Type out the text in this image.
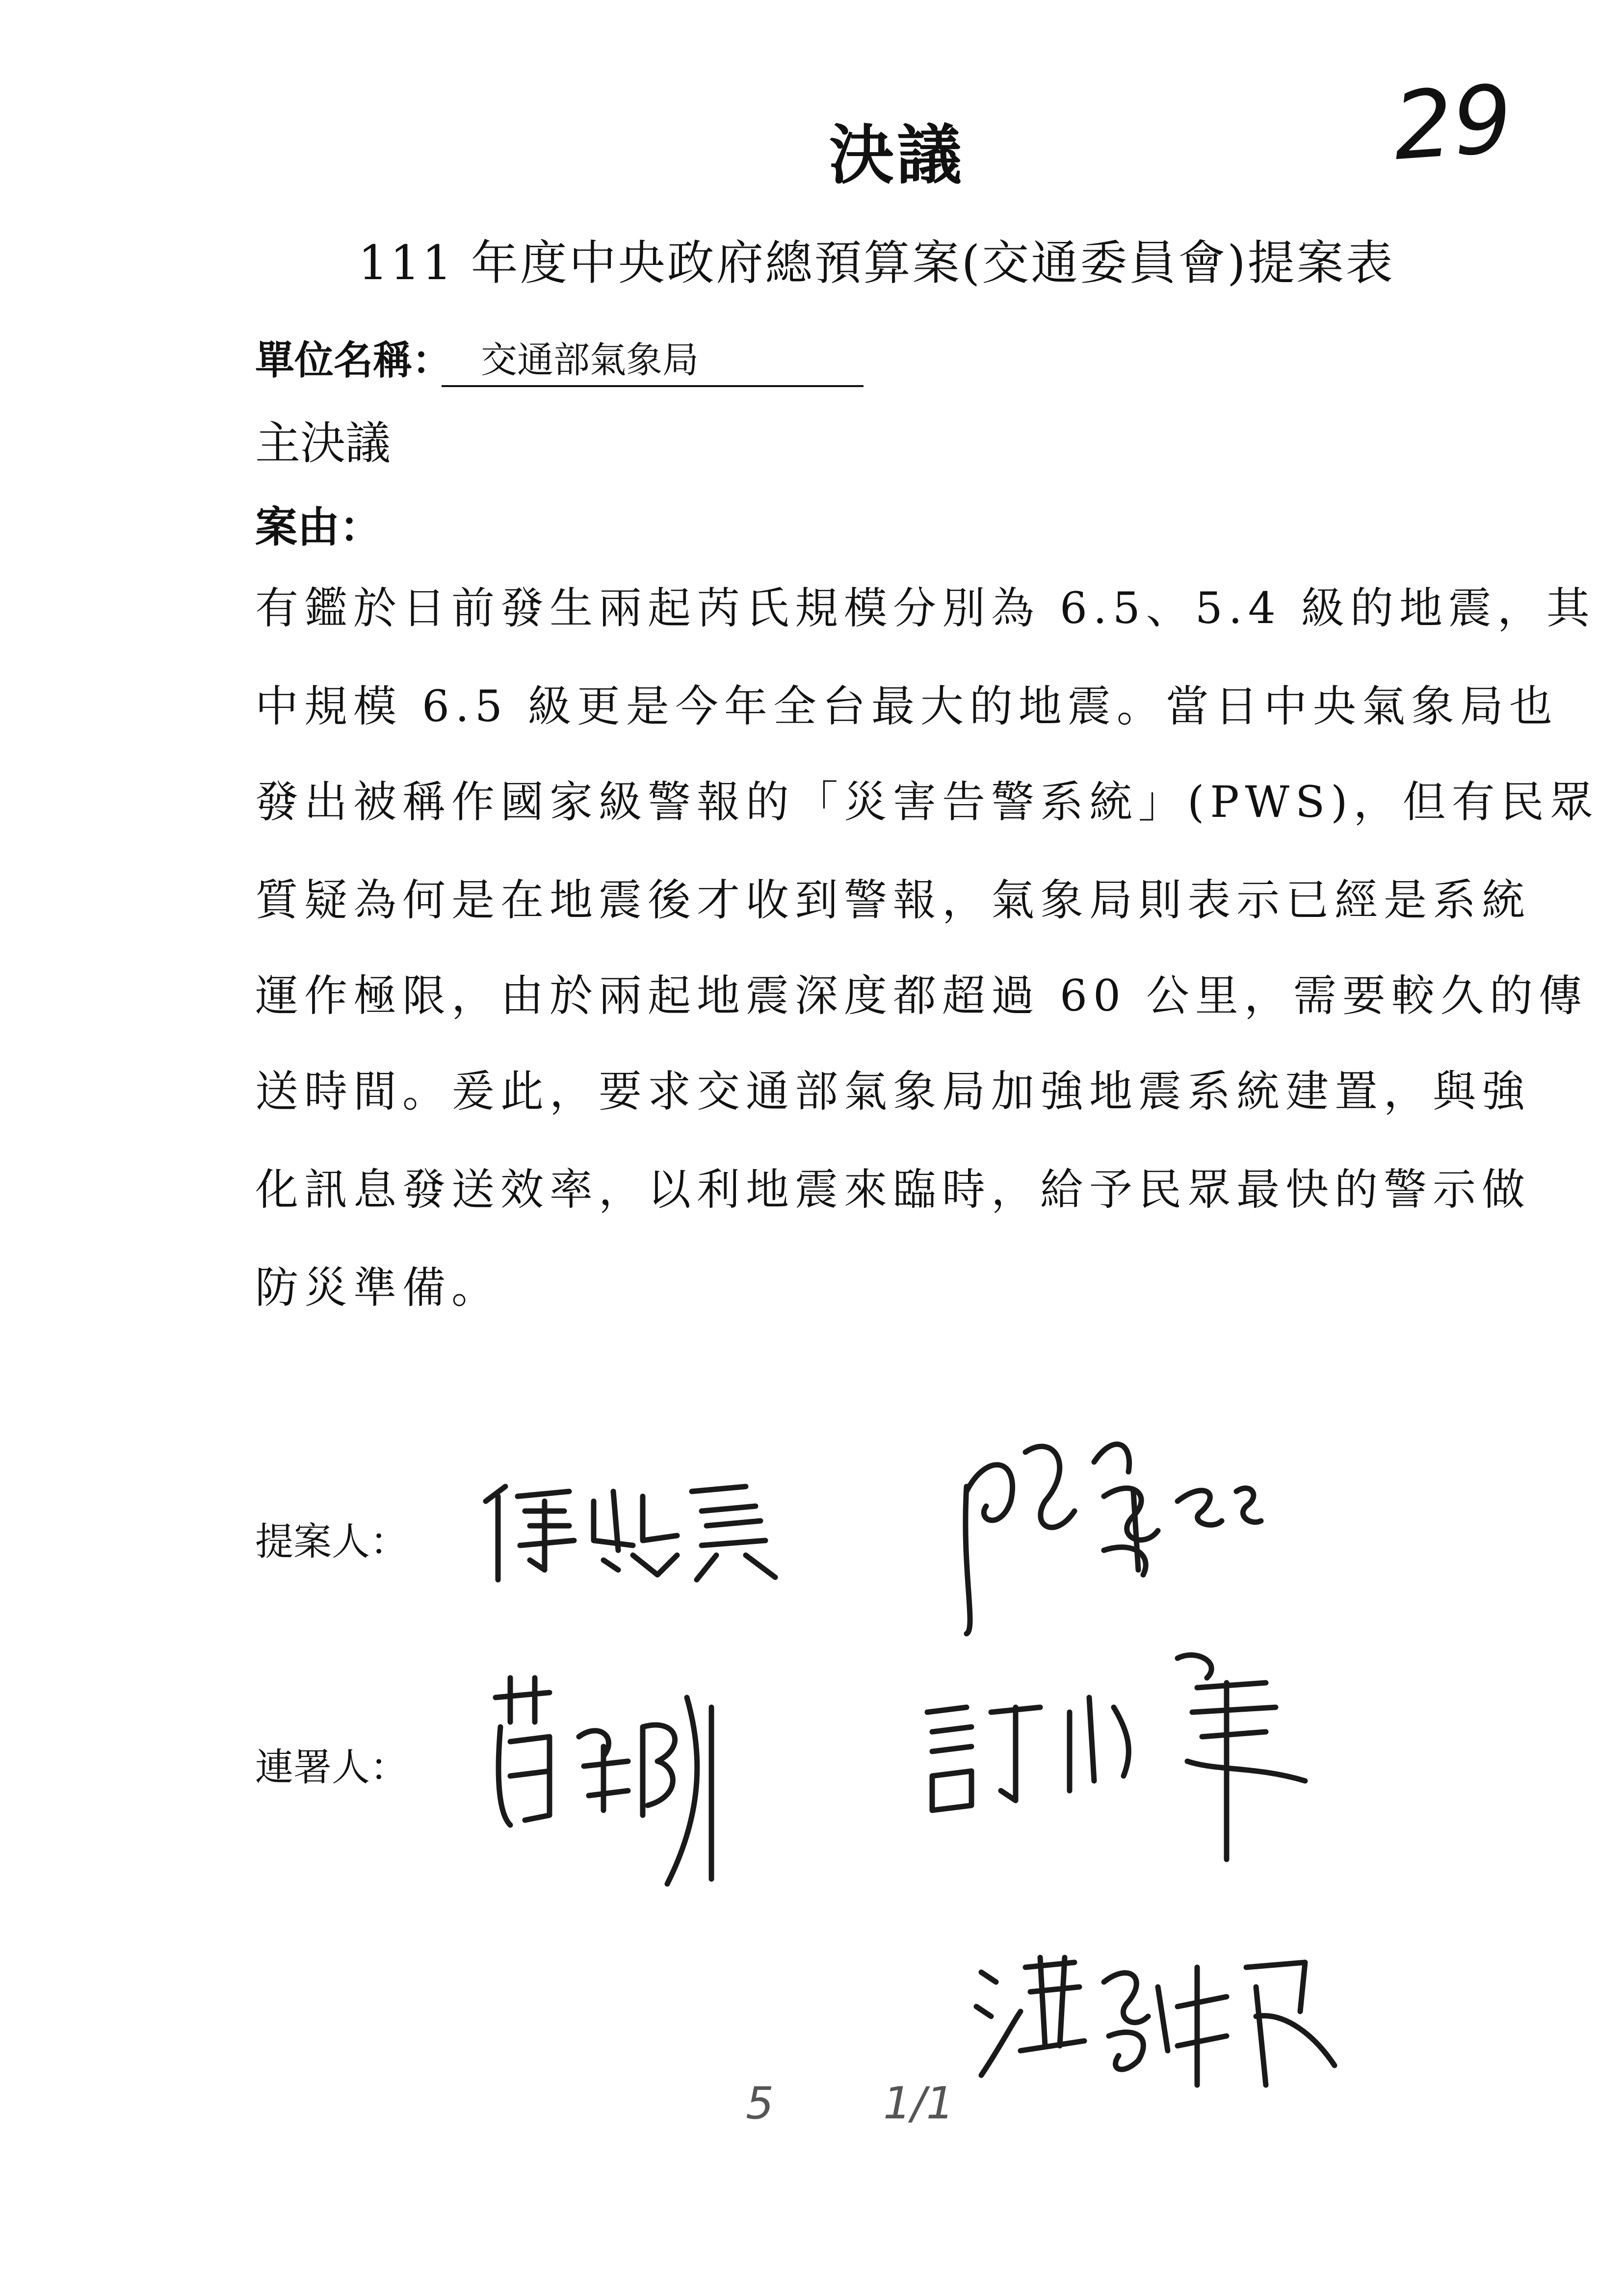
決議	29
111 年度中央政府總預算案(交通委員會)提案表
單位名稱： 交通部氣象局
主決議
案由：
有鑑於日前發生兩起芮氏規模分別為 6.5、5.4 級的地震，其
中規模 6.5 級更是今年全台最大的地震。當日中央氣象局也
發出被稱作國家級警報的「災害告警系統」(PWS)，但有民眾
質疑為何是在地震後才收到警報，氣象局則表示已經是系統
運作極限，由於兩起地震深度都超過 60 公里，需要較久的傳
送時間。爰此，要求交通部氣象局加強地震系統建置，與強
化訊息發送效率，以利地震來臨時，給予民眾最快的警示做
防災準備。
提案人：
連署人：
5 1/1
